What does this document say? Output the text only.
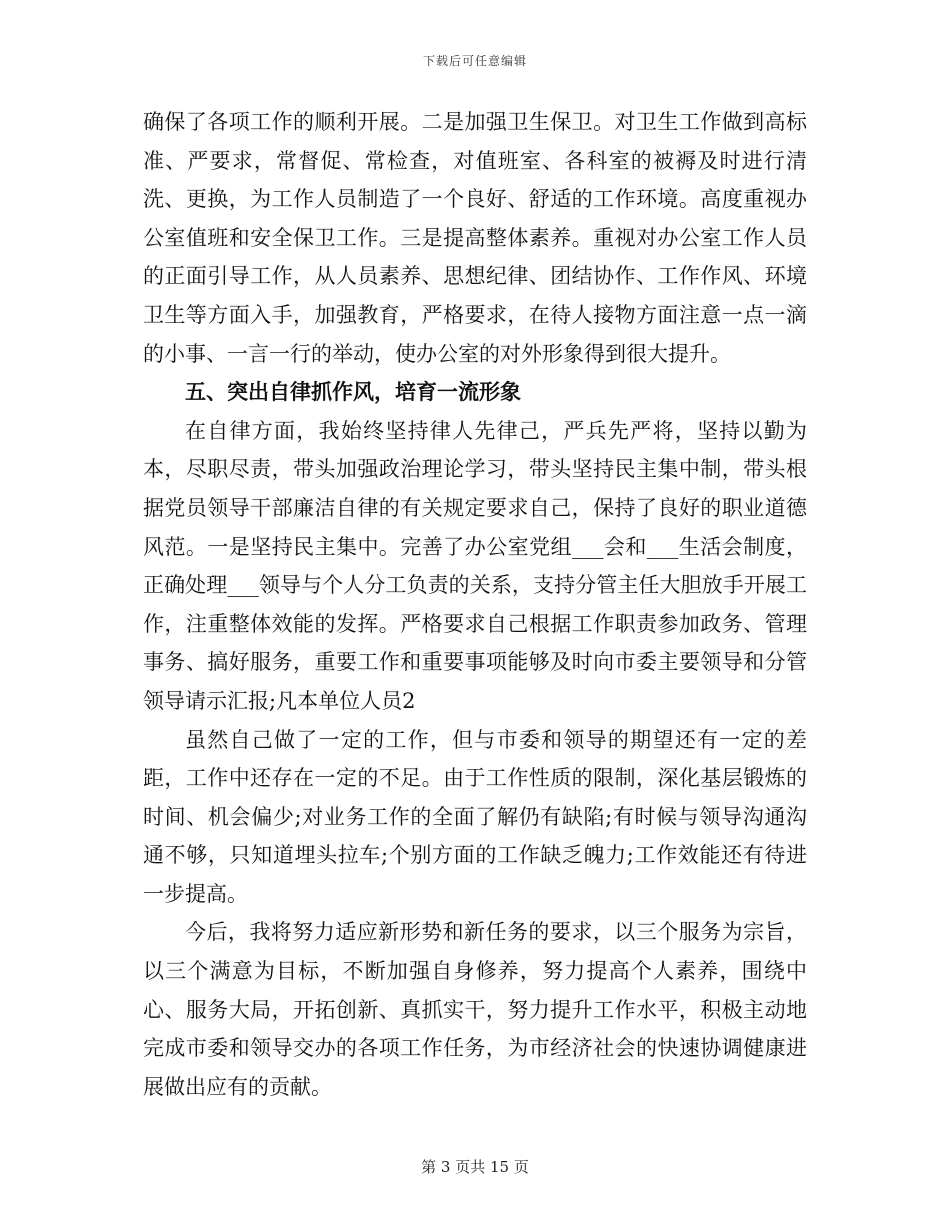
下载后可任意编辑

确保了各项工作的顺利开展。二是加强卫生保卫。对卫生工作做到高标准、严要求，常督促、常检查，对值班室、各科室的被褥及时进行清洗、更换，为工作人员制造了一个良好、舒适的工作环境。高度重视办公室值班和安全保卫工作。三是提高整体素养。重视对办公室工作人员的正面引导工作，从人员素养、思想纪律、团结协作、工作作风、环境卫生等方面入手，加强教育，严格要求，在待人接物方面注意一点一滴的小事、一言一行的举动，使办公室的对外形象得到很大提升。

五、突出自律抓作风，培育一流形象

在自律方面，我始终坚持律人先律己，严兵先严将，坚持以勤为本，尽职尽责，带头加强政治理论学习，带头坚持民主集中制，带头根据党员领导干部廉洁自律的有关规定要求自己，保持了良好的职业道德风范。一是坚持民主集中。完善了办公室党组___会和___生活会制度，正确处理___领导与个人分工负责的关系，支持分管主任大胆放手开展工作，注重整体效能的发挥。严格要求自己根据工作职责参加政务、管理事务、搞好服务，重要工作和重要事项能够及时向市委主要领导和分管领导请示汇报;凡本单位人员2

虽然自己做了一定的工作，但与市委和领导的期望还有一定的差距，工作中还存在一定的不足。由于工作性质的限制，深化基层锻炼的时间、机会偏少;对业务工作的全面了解仍有缺陷;有时候与领导沟通沟通不够，只知道埋头拉车;个别方面的工作缺乏魄力;工作效能还有待进一步提高。

今后，我将努力适应新形势和新任务的要求，以三个服务为宗旨，以三个满意为目标，不断加强自身修养，努力提高个人素养，围绕中心、服务大局，开拓创新、真抓实干，努力提升工作水平，积极主动地完成市委和领导交办的各项工作任务，为市经济社会的快速协调健康进展做出应有的贡献。

第 3 页共 15 页
